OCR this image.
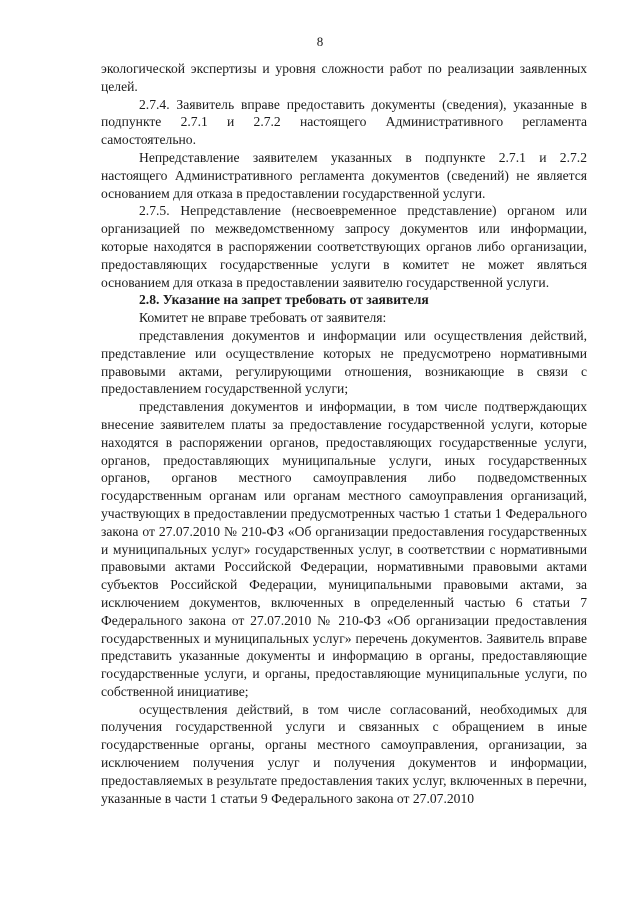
8

экологической экспертизы и уровня сложности работ по реализации заявленных целей.

2.7.4. Заявитель вправе предоставить документы (сведения), указанные в подпункте 2.7.1 и 2.7.2 настоящего Административного регламента самостоятельно.

Непредставление заявителем указанных в подпункте 2.7.1 и 2.7.2 настоящего Административного регламента документов (сведений) не является основанием для отказа в предоставлении государственной услуги.

2.7.5. Непредставление (несвоевременное представление) органом или организацией по межведомственному запросу документов или информации, которые находятся в распоряжении соответствующих органов либо организации, предоставляющих государственные услуги в комитет не может являться основанием для отказа в предоставлении заявителю государственной услуги.

2.8. Указание на запрет требовать от заявителя

Комитет не вправе требовать от заявителя:

представления документов и информации или осуществления действий, представление или осуществление которых не предусмотрено нормативными правовыми актами, регулирующими отношения, возникающие в связи с предоставлением государственной услуги;

представления документов и информации, в том числе подтверждающих внесение заявителем платы за предоставление государственной услуги, которые находятся в распоряжении органов, предоставляющих государственные услуги, органов, предоставляющих муниципальные услуги, иных государственных органов, органов местного самоуправления либо подведомственных государственным органам или органам местного самоуправления организаций, участвующих в предоставлении предусмотренных частью 1 статьи 1 Федерального закона от 27.07.2010 № 210-ФЗ «Об организации предоставления государственных и муниципальных услуг» государственных услуг, в соответствии с нормативными правовыми актами Российской Федерации, нормативными правовыми актами субъектов Российской Федерации, муниципальными правовыми актами, за исключением документов, включенных в определенный частью 6 статьи 7 Федерального закона от 27.07.2010 № 210-ФЗ «Об организации предоставления государственных и муниципальных услуг» перечень документов. Заявитель вправе представить указанные документы и информацию в органы, предоставляющие государственные услуги, и органы, предоставляющие муниципальные услуги, по собственной инициативе;

осуществления действий, в том числе согласований, необходимых для получения государственной услуги и связанных с обращением в иные государственные органы, органы местного самоуправления, организации, за исключением получения услуг и получения документов и информации, предоставляемых в результате предоставления таких услуг, включенных в перечни, указанные в части 1 статьи 9 Федерального закона от 27.07.2010
